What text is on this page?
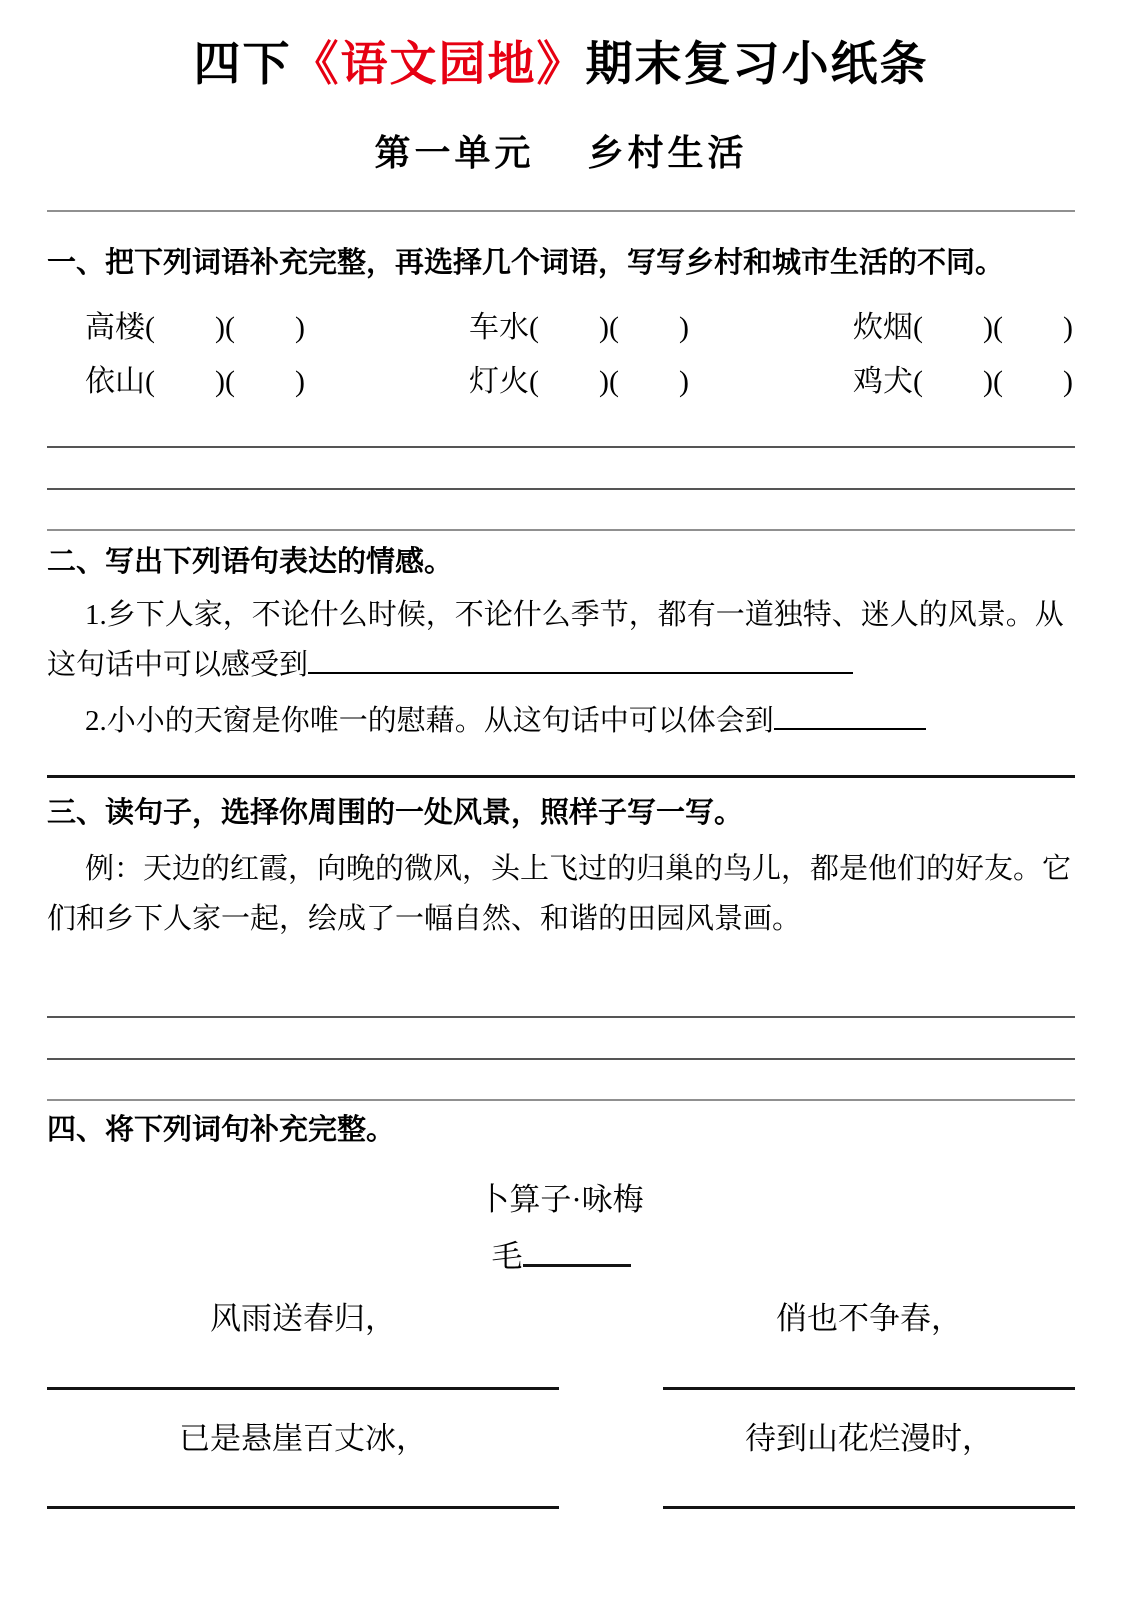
四下《语文园地》期末复习小纸条
第一单元　 乡村生活

一、把下列词语补充完整，再选择几个词语，写写乡村和城市生活的不同。

高楼(        )(        )	车水(        )(        )	炊烟(        )(        )
依山(        )(        )	灯火(        )(        )	鸡犬(        )(        )

二、写出下列语句表达的情感。

1.乡下人家，不论什么时候，不论什么季节，都有一道独特、迷人的风景。从这句话中可以感受到

2.小小的天窗是你唯一的慰藉。从这句话中可以体会到

三、读句子，选择你周围的一处风景，照样子写一写。

例：天边的红霞，向晚的微风，头上飞过的归巢的鸟儿，都是他们的好友。它们和乡下人家一起，绘成了一幅自然、和谐的田园风景画。

四、将下列词句补充完整。

卜算子·咏梅

毛

风雨送春归，

已是悬崖百丈冰，

俏也不争春，

待到山花烂漫时，
